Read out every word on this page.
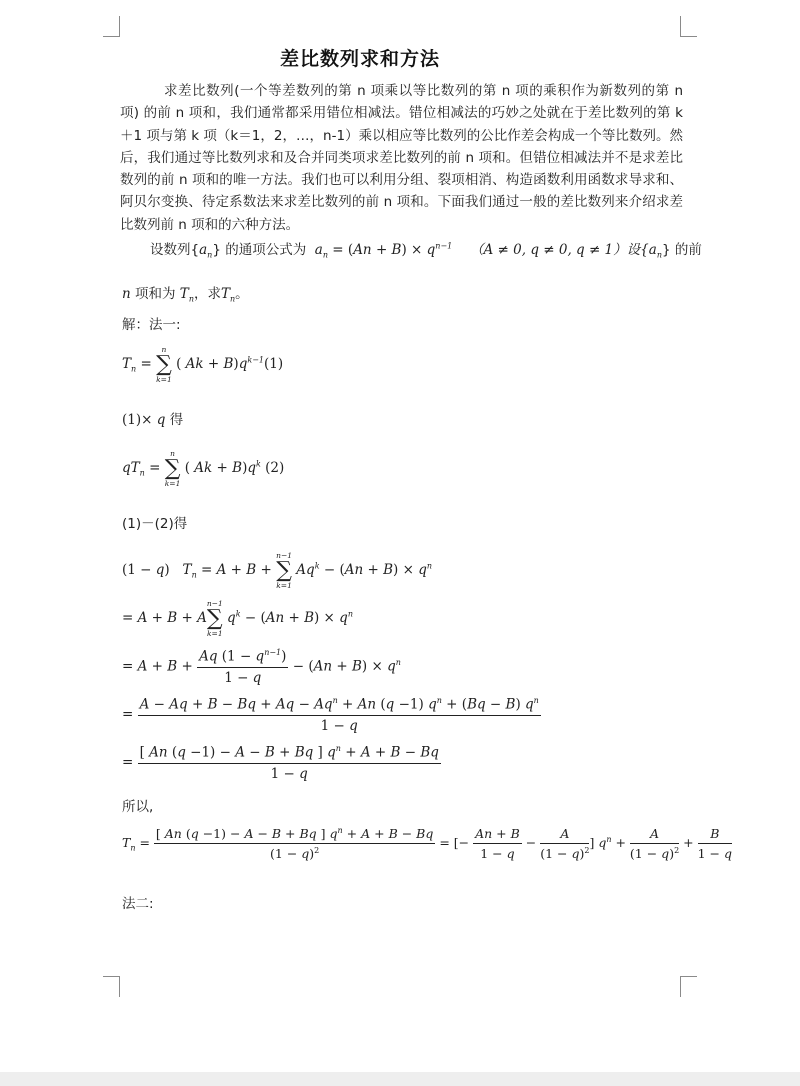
差比数列求和方法
求差比数列(一个等差数列的第 n 项乘以等比数列的第 n 项的乘积作为新数列的第 n 项) 的前 n 项和，我们通常都采用错位相减法。错位相减法的巧妙之处就在于差比数列的第 k＋1 项与第 k 项（k＝1，2，…，n-1）乘以相应等比数列的公比作差会构成一个等比数列。然后，我们通过等比数列求和及合并同类项求差比数列的前 n 项和。但错位相减法并不是求差比数列的前 n 项和的唯一方法。我们也可以利用分组、裂项相消、构造函数利用函数求导求和、阿贝尔变换、待定系数法来求差比数列的前 n 项和。下面我们通过一般的差比数列来介绍求差比数列前 n 项和的六种方法。
设数列$\{a_n\}$ 的通项公式为  $a_n = (An + B) \times q^{n-1}$ （A ≠ 0, q ≠ 0, q ≠ 1）设$\{a_n\}$ 的前
n 项和为 $T_n$，求$T_n$。
解：法一:
$T_n$ =
n
∑
k=1
( $Ak + B)q^{k-1}(1)$
(1)× q 得
$qT_n$ =
n
∑
k=1
( $Ak + B)q^k$ (2)
(1)－(2)得
(1 − q)   $T_n = A + B$ +
n−1
∑
k=1
$Aq^k - (An + B) \times q^n$
= A + B + A
n−1
∑
k=1
$q^k - (An + B) \times q^n$
= $A + B + \frac{Aq (1 - q^{n-1})}{1 - q} - (An + B) \times q^n$
= $\frac{A - Aq + B - Bq + Aq - Aq^n + An (q -1) q^n + (Bq - B) q^n}{1 - q}$
= $\frac{[ An (q -1) - A - B + Bq ] q^n + A + B - Bq}{1 - q}$
所以,
$T_n = \frac{[ An (q -1) - A - B + Bq ] q^n + A + B - Bq}{(1 - q)^2}$ = [− $\frac{An + B}{1 - q} - \frac{A}{(1 - q)^2}$ ] $q^n + \frac{A}{(1 - q)^2} + \frac{B}{1 - q}$
法二:
